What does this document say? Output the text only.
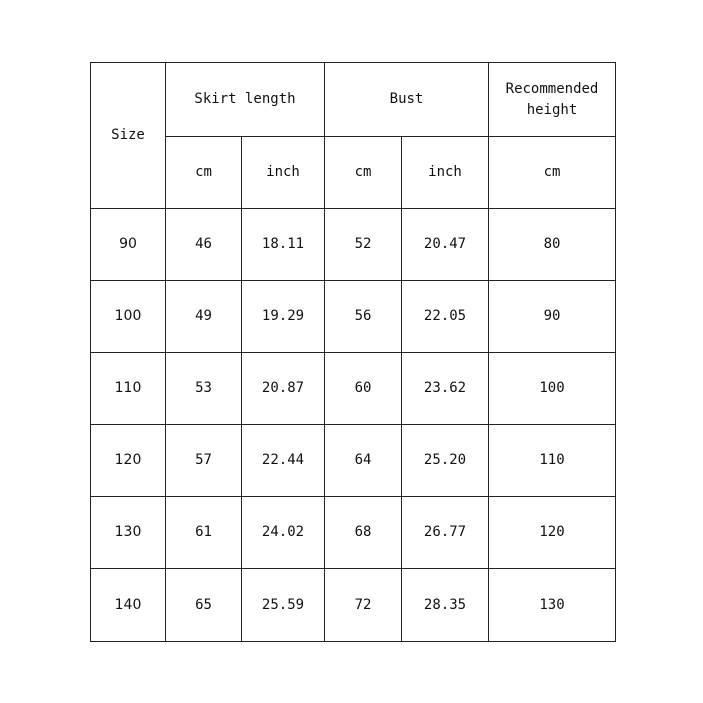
Size	Skirt length		Bust		Recommended height
	cm	inch	cm	inch	cm
90	46	18.11	52	20.47	80
100	49	19.29	56	22.05	90
110	53	20.87	60	23.62	100
120	57	22.44	64	25.20	110
130	61	24.02	68	26.77	120
140	65	25.59	72	28.35	130
